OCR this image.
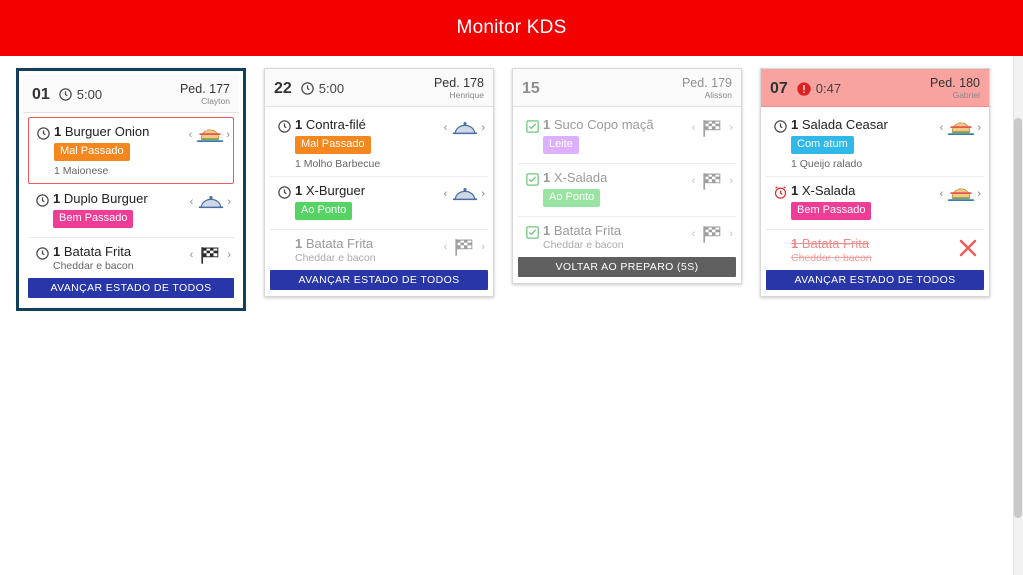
Monitor KDS
01 5:00	Ped. 177
Clayton
1 Burguer Onion
Mal Passado
1 Maionese
‹	›
1 Duplo Burguer
Bem Passado
‹	›
1 Batata Frita
Cheddar e bacon
‹	›
AVANÇAR ESTADO DE TODOS
22 5:00	Ped. 178
Henrique
1 Contra-filé
Mal Passado
1 Molho Barbecue
‹	›
1 X-Burguer
Ao Ponto
‹	›
1 Batata Frita
Cheddar e bacon
‹	›
AVANÇAR ESTADO DE TODOS
15	Ped. 179
Alisson
1 Suco Copo maçã
Leite
‹	›
1 X-Salada
Ao Ponto
‹	›
1 Batata Frita
Cheddar e bacon
‹	›
VOLTAR AO PREPARO (5S)
07 0:47	Ped. 180
Gabriel
1 Salada Ceasar
Com atum
1 Queijo ralado
‹	›
1 X-Salada
Bem Passado
‹	›
1 Batata Frita
Cheddar e bacon
AVANÇAR ESTADO DE TODOS
